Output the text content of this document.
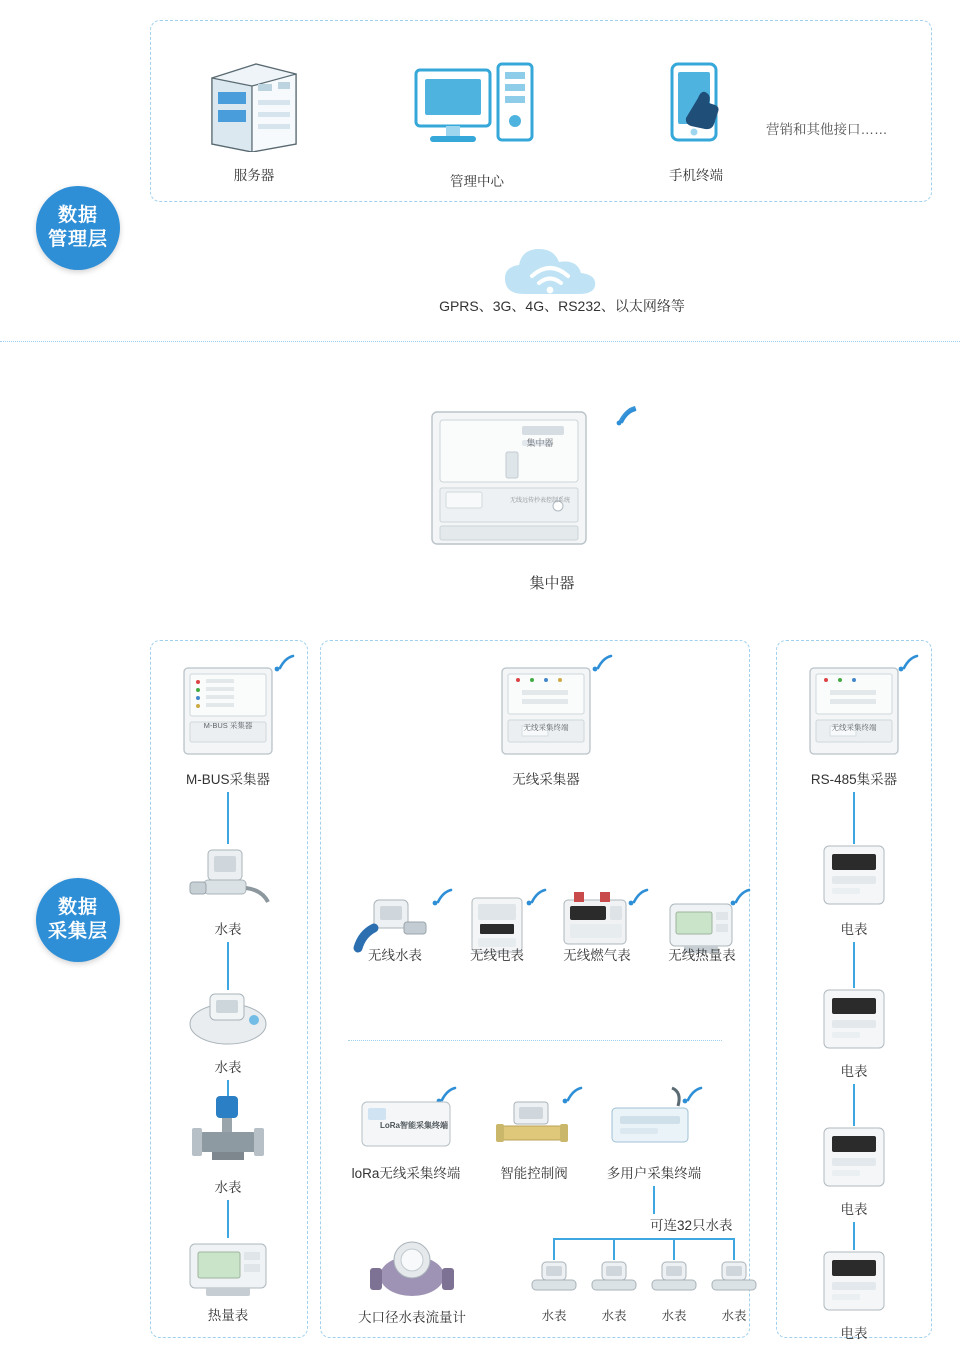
数据
管理层
服务器	管理中心	手机终端
营销和其他接口……
GPRS、3G、4G、RS232、以太网络等
集中器
无线远传抄表控制系统
集中器
数据
采集层
M-BUS 采集器
M-BUS采集器
水表
水表
水表
热量表
无线采集终端
无线采集器
无线水表	无线电表	无线燃气表	无线热量表
LoRa智能采集终端
loRa无线采集终端	智能控制阀	多用户采集终端
可连32只水表
水表	水表	水表	水表
大口径水表流量计
无线采集终端
RS-485集采器
电表
电表
电表
电表
